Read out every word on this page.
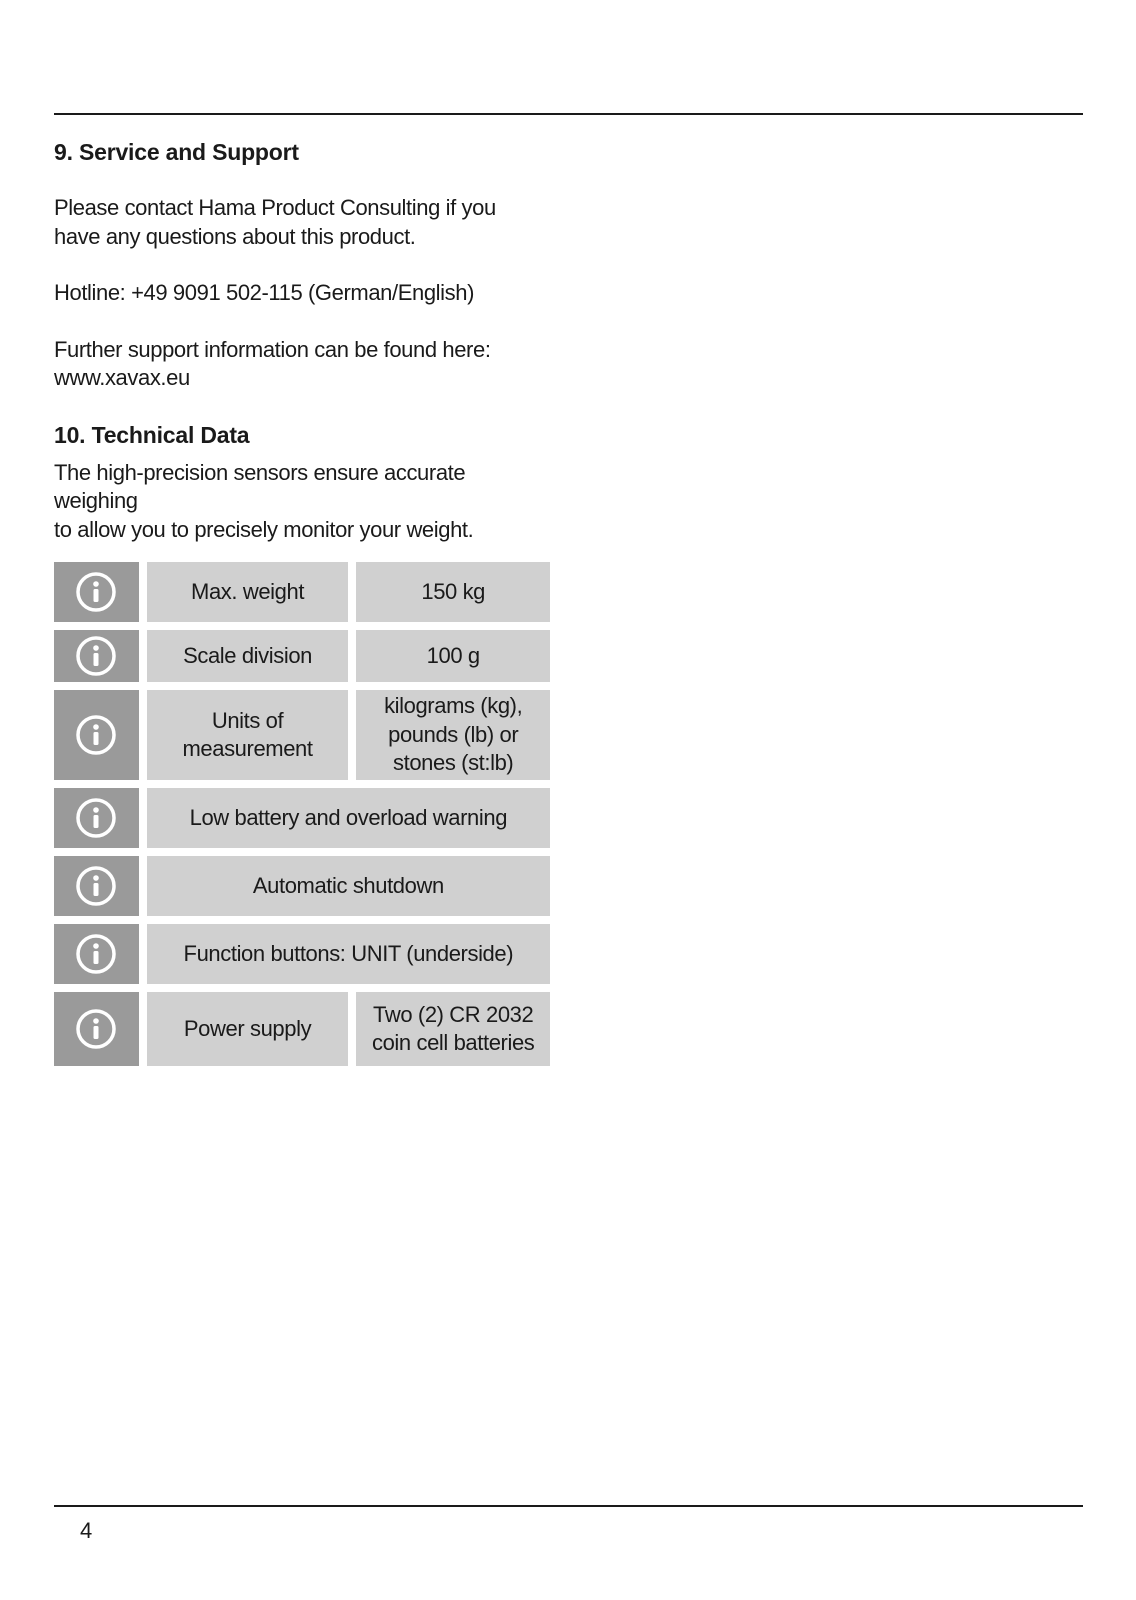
9. Service and Support

Please contact Hama Product Consulting if you
have any questions about this product.

Hotline: +49 9091 502-115 (German/English)

Further support information can be found here:
www.xavax.eu

10. Technical Data

The high-precision sensors ensure accurate weighing
to allow you to precisely monitor your weight.

	Max. weight	150 kg
	Scale division	100 g
	Units of
measurement	kilograms (kg),
pounds (lb) or
stones (st:lb)
	Low battery and overload warning	
	Automatic shutdown	
	Function buttons: UNIT (underside)	
	Power supply	Two (2) CR 2032
coin cell batteries
4
